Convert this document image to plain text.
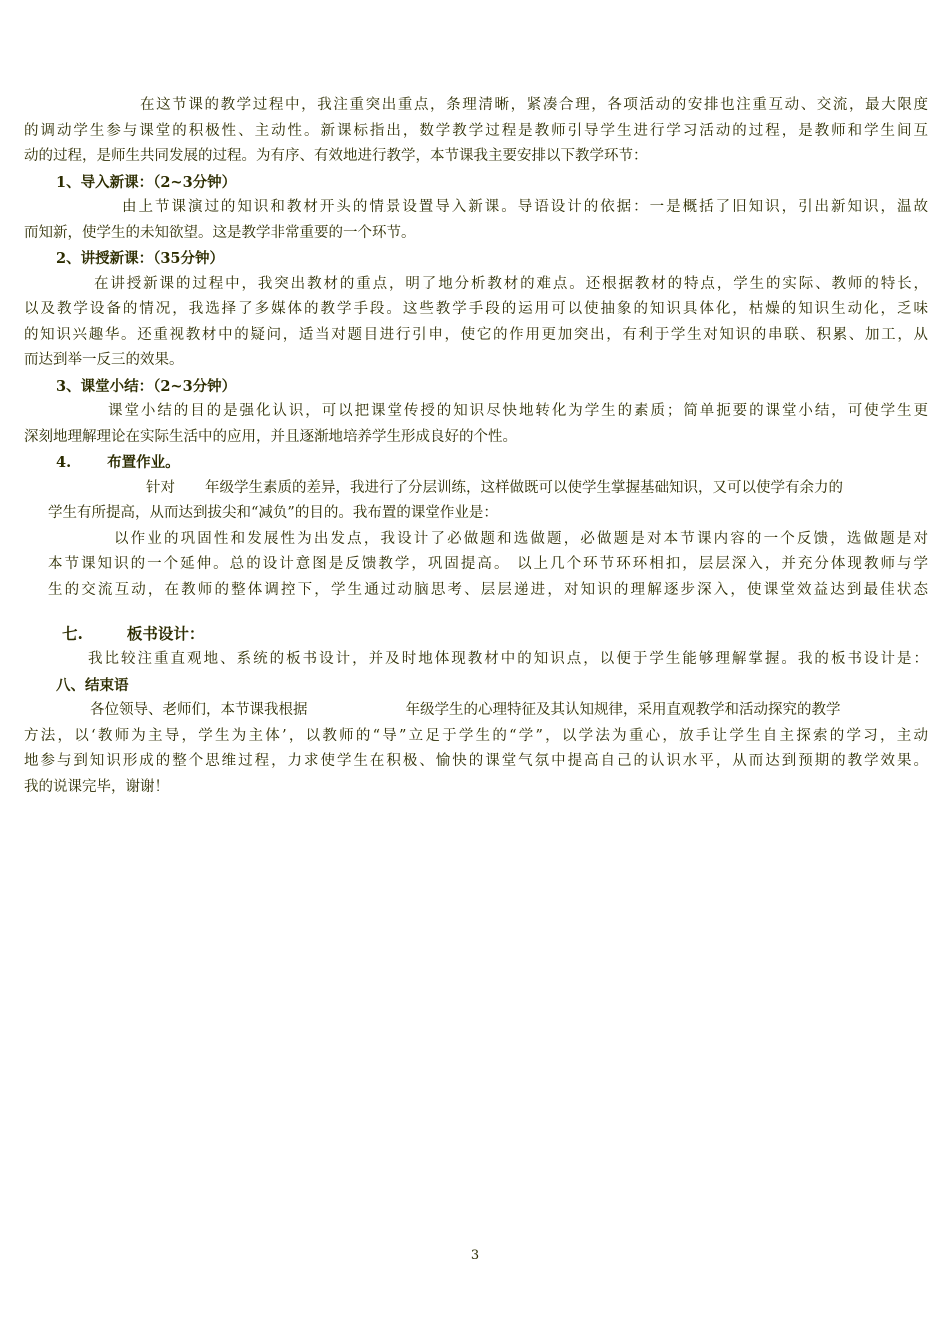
在这节课的教学过程中，我注重突出重点，条理清晰，紧凑合理，各项活动的安排也注重互动、交流，最大限度
的调动学生参与课堂的积极性、主动性。新课标指出，数学教学过程是教师引导学生进行学习活动的过程，是教师和学生间互
动的过程，是师生共同发展的过程。为有序、有效地进行教学，本节课我主要安排以下教学环节：
1、导入新课：（2~3分钟）
由上节课演过的知识和教材开头的情景设置导入新课。导语设计的依据：一是概括了旧知识，引出新知识，温故
而知新，使学生的未知欲望。这是教学非常重要的一个环节。
2、讲授新课：（35分钟）
在讲授新课的过程中，我突出教材的重点，明了地分析教材的难点。还根据教材的特点，学生的实际、教师的特长，
以及教学设备的情况，我选择了多媒体的教学手段。这些教学手段的运用可以使抽象的知识具体化，枯燥的知识生动化，乏味
的知识兴趣华。还重视教材中的疑问，适当对题目进行引申，使它的作用更加突出，有利于学生对知识的串联、积累、加工，从
而达到举一反三的效果。
3、课堂小结：（2~3分钟）
课堂小结的目的是强化认识，可以把课堂传授的知识尽快地转化为学生的素质；简单扼要的课堂小结，可使学生更
深刻地理解理论在实际生活中的应用，并且逐渐地培养学生形成良好的个性。
4. 布置作业。
针对 年级学生素质的差异，我进行了分层训练，这样做既可以使学生掌握基础知识，又可以使学有余力的
学生有所提高，从而达到拔尖和“减负”的目的。我布置的课堂作业是：
以作业的巩固性和发展性为出发点，我设计了必做题和选做题，必做题是对本节课内容的一个反馈，选做题是对
本节课知识的一个延伸。总的设计意图是反馈教学，巩固提高。 以上几个环节环环相扣，层层深入，并充分体现教师与学
生的交流互动，在教师的整体调控下，学生通过动脑思考、层层递进，对知识的理解逐步深入，使课堂效益达到最佳状态
七.	板书设计：
我比较注重直观地、系统的板书设计，并及时地体现教材中的知识点，以便于学生能够理解掌握。我的板书设计是：
八、结束语
各位领导、老师们，本节课我根据	年级学生的心理特征及其认知规律，采用直观教学和活动探究的教学
方法，以‘教师为主导，学生为主体’，以教师的“导”立足于学生的“学”，以学法为重心，放手让学生自主探索的学习，主动
地参与到知识形成的整个思维过程，力求使学生在积极、愉快的课堂气氛中提高自己的认识水平，从而达到预期的教学效果。
我的说课完毕，谢谢！
3
